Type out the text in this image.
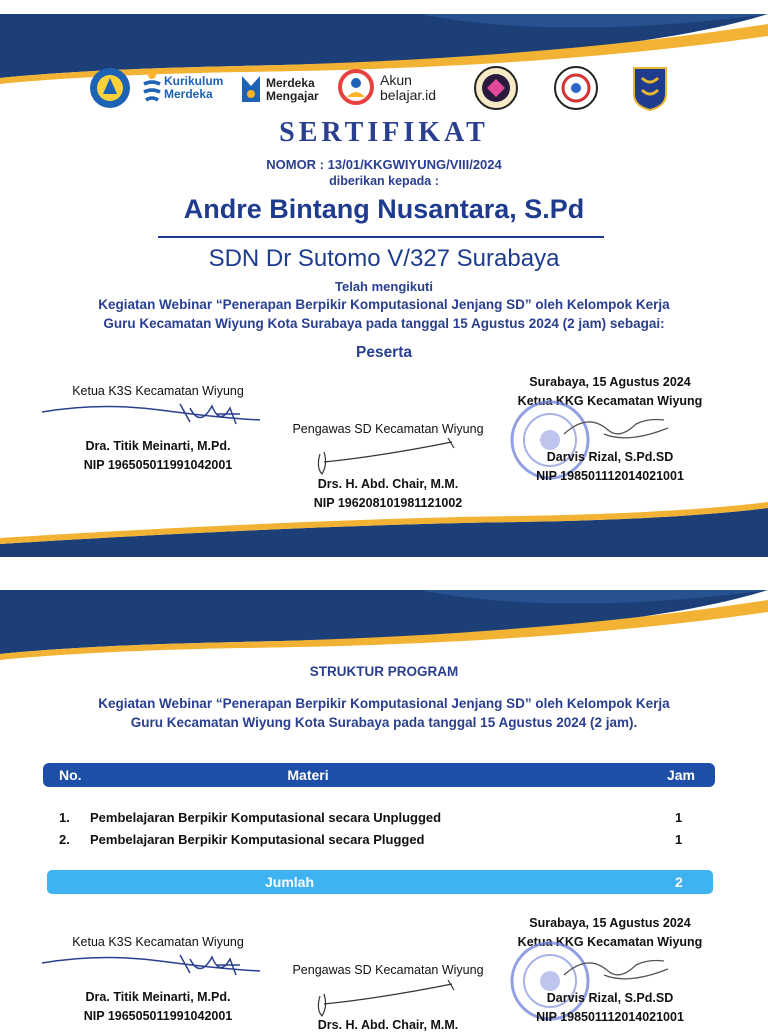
Kurikulum
Merdeka
Merdeka
Mengajar
Akun
belajar.id
SERTIFIKAT
NOMOR : 13/01/KKGWIYUNG/VIII/2024
diberikan kepada :
Andre Bintang Nusantara, S.Pd
SDN Dr Sutomo V/327 Surabaya
Telah mengikuti
Kegiatan Webinar “Penerapan Berpikir Komputasional Jenjang SD” oleh Kelompok Kerja
Guru Kecamatan Wiyung Kota Surabaya pada tanggal 15 Agustus 2024 (2 jam) sebagai:
Peserta
Ketua K3S Kecamatan Wiyung
Dra. Titik Meinarti, M.Pd.
NIP 196505011991042001
Pengawas SD Kecamatan Wiyung
Drs. H. Abd. Chair, M.M.
NIP 196208101981121002
Surabaya, 15 Agustus 2024
Ketua KKG Kecamatan Wiyung
Darvis Rizal, S.Pd.SD
NIP 198501112014021001
STRUKTUR PROGRAM
Kegiatan Webinar “Penerapan Berpikir Komputasional Jenjang SD” oleh Kelompok Kerja
Guru Kecamatan Wiyung Kota Surabaya pada tanggal 15 Agustus 2024 (2 jam).
No.	Materi	Jam
1. Pembelajaran Berpikir Komputasional secara Unplugged	1
2. Pembelajaran Berpikir Komputasional secara Plugged	1
Jumlah	2
Ketua K3S Kecamatan Wiyung
Dra. Titik Meinarti, M.Pd.
NIP 196505011991042001
Pengawas SD Kecamatan Wiyung
Drs. H. Abd. Chair, M.M.
Surabaya, 15 Agustus 2024
Ketua KKG Kecamatan Wiyung
Darvis Rizal, S.Pd.SD
NIP 198501112014021001
